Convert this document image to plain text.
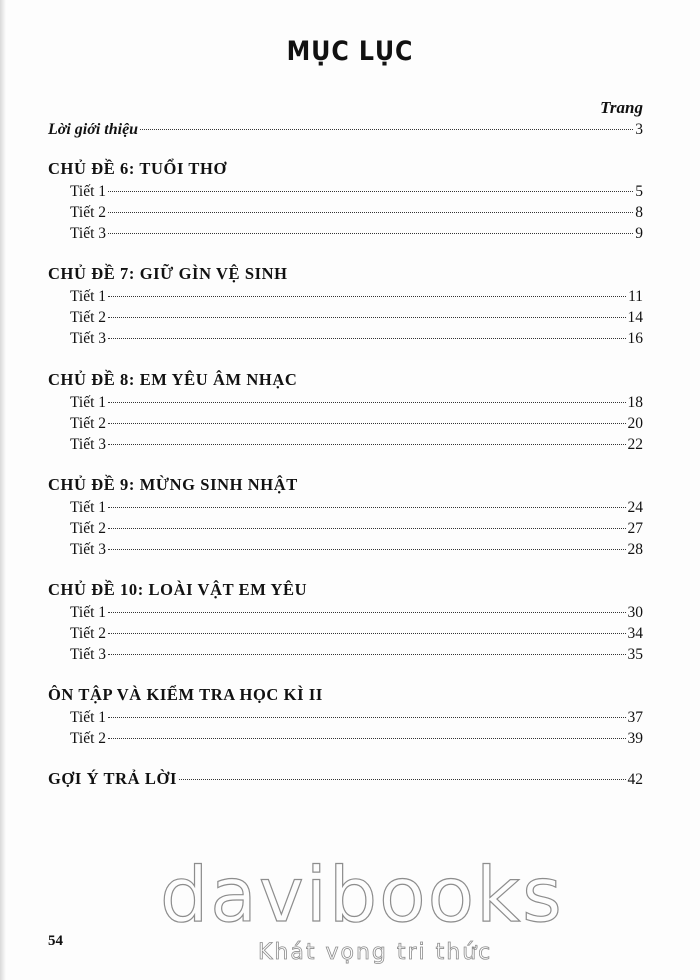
MỤC LỤC
Trang
Lời giới thiệu	3
CHỦ ĐỀ 6: TUỔI THƠ
Tiết 1	5
Tiết 2	8
Tiết 3	9
CHỦ ĐỀ 7: GIỮ GÌN VỆ SINH
Tiết 1	11
Tiết 2	14
Tiết 3	16
CHỦ ĐỀ 8: EM YÊU ÂM NHẠC
Tiết 1	18
Tiết 2	20
Tiết 3	22
CHỦ ĐỀ 9: MỪNG SINH NHẬT
Tiết 1	24
Tiết 2	27
Tiết 3	28
CHỦ ĐỀ 10: LOÀI VẬT EM YÊU
Tiết 1	30
Tiết 2	34
Tiết 3	35
ÔN TẬP VÀ KIỂM TRA HỌC KÌ II
Tiết 1	37
Tiết 2	39
GỢI Ý TRẢ LỜI	42
54
davibooks
Khát vọng tri thức
